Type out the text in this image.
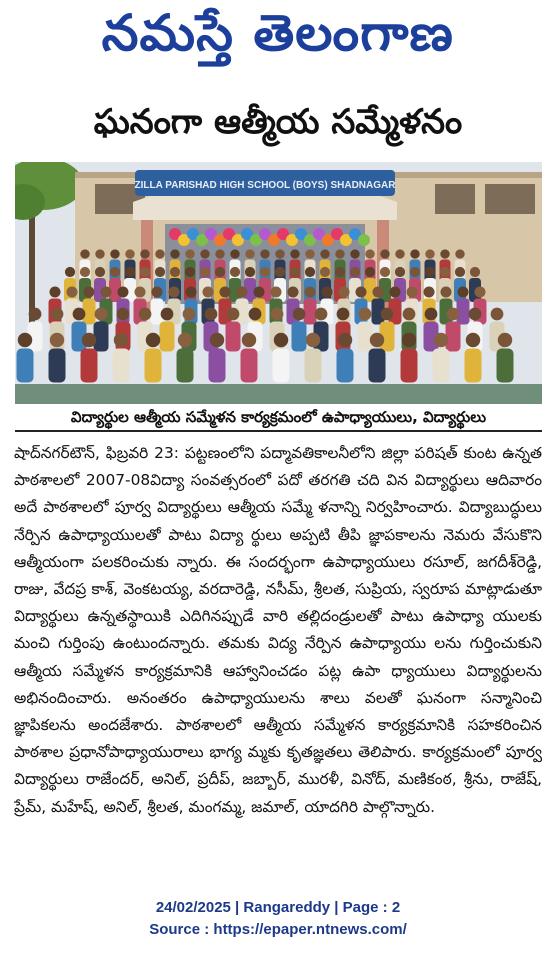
నమస్తే తెలంగాణ
ఘనంగా ఆత్మీయ సమ్మేళనం
ZILLA PARISHAD HIGH SCHOOL (BOYS) SHADNAGAR
విద్యార్థుల ఆత్మీయ సమ్మేళన కార్యక్రమంలో ఉపాధ్యాయులు, విద్యార్థులు

షాద్‌నగర్‌టౌన్, ఫిబ్రవరి 23: పట్టణంలోని పద్మావతికాలనీలోని జిల్లా పరిషత్ కుంట ఉన్నత పాఠశాలలో 2007-08విద్యా సంవత్సరంలో పదో తరగతి చది విన విద్యార్థులు ఆదివారం అదే పాఠశాలలో పూర్వ విద్యార్థులు ఆత్మీయ సమ్మే ళనాన్ని నిర్వహించారు. విద్యాబుద్ధులు నేర్పిన ఉపాధ్యాయులతో పాటు విద్యా ర్థులు అప్పటి తీపి జ్ఞాపకాలను నెమరు వేసుకొని ఆత్మీయంగా పలకరించుకు న్నారు. ఈ సందర్భంగా ఉపాధ్యాయులు రసూల్, జగదీశ్‌రెడ్డి, రాజు, వేదప్ర కాశ్, వెంకటయ్య, వరదారెడ్డి, నసీమ్, శ్రీలత, సుప్రియ, స్వరూప మాట్లాడుతూ విద్యార్థులు ఉన్నతస్థాయికి ఎదిగినప్పుడే వారి తల్లిదండ్రులతో పాటు ఉపాధ్యా యులకు మంచి గుర్తింపు ఉంటుందన్నారు. తమకు విద్య నేర్పిన ఉపాధ్యాయు లను గుర్తించుకుని ఆత్మీయ సమ్మేళన కార్యక్రమానికి ఆహ్వానించడం పట్ల ఉపా ధ్యాయులు విద్యార్థులను అభినందించారు. అనంతరం ఉపాధ్యాయులను శాలు వలతో ఘనంగా సన్మానించి జ్ఞాపికలను అందజేశారు. పాఠశాలలో ఆత్మీయ సమ్మేళన కార్యక్రమానికి సహకరించిన పాఠశాల ప్రధానోపాధ్యాయురాలు భాగ్య మ్మకు కృతజ్ఞతలు తెలిపారు. కార్యక్రమంలో పూర్వ విద్యార్థులు రాజేందర్, అనిల్, ప్రదీప్, జబ్బార్, మురళీ, వినోద్, మణికంఠ, శ్రీను, రాజేష్, ప్రేమ్, మహేష్, అనిల్, శ్రీలత, మంగమ్మ, జమాల్, యాదగిరి పాల్గొన్నారు.

24/02/2025 | Rangareddy | Page : 2
Source : https://epaper.ntnews.com/
